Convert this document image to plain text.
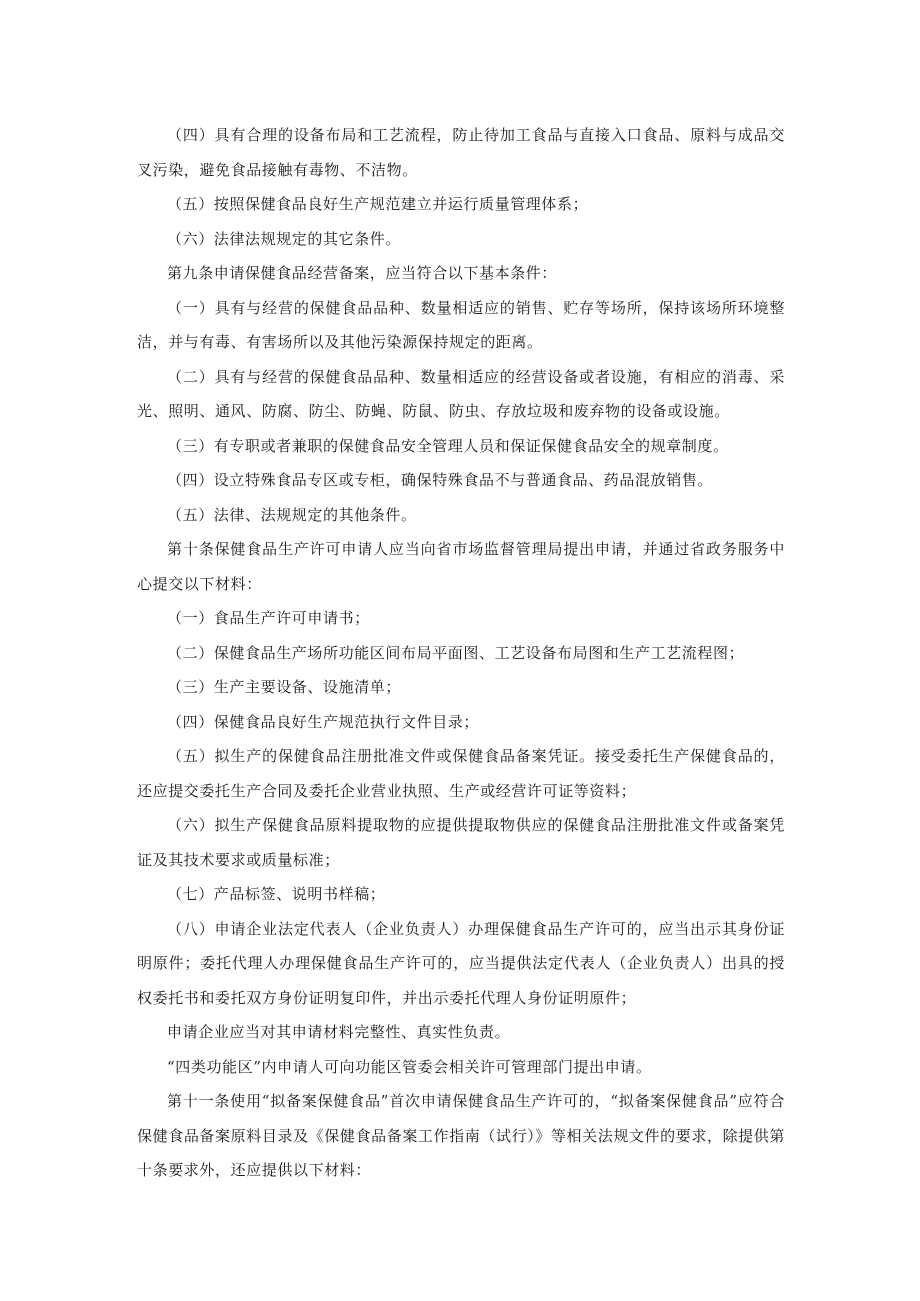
（四）具有合理的设备布局和工艺流程，防止待加工食品与直接入口食品、原料与成品交叉污染，避免食品接触有毒物、不洁物。

（五）按照保健食品良好生产规范建立并运行质量管理体系；

（六）法律法规规定的其它条件。

第九条申请保健食品经营备案，应当符合以下基本条件：

（一）具有与经营的保健食品品种、数量相适应的销售、贮存等场所，保持该场所环境整洁，并与有毒、有害场所以及其他污染源保持规定的距离。

（二）具有与经营的保健食品品种、数量相适应的经营设备或者设施，有相应的消毒、采光、照明、通风、防腐、防尘、防蝇、防鼠、防虫、存放垃圾和废弃物的设备或设施。

（三）有专职或者兼职的保健食品安全管理人员和保证保健食品安全的规章制度。

（四）设立特殊食品专区或专柜，确保特殊食品不与普通食品、药品混放销售。

（五）法律、法规规定的其他条件。

第十条保健食品生产许可申请人应当向省市场监督管理局提出申请，并通过省政务服务中心提交以下材料：

（一）食品生产许可申请书；

（二）保健食品生产场所功能区间布局平面图、工艺设备布局图和生产工艺流程图；

（三）生产主要设备、设施清单；

（四）保健食品良好生产规范执行文件目录；

（五）拟生产的保健食品注册批准文件或保健食品备案凭证。接受委托生产保健食品的，还应提交委托生产合同及委托企业营业执照、生产或经营许可证等资料；

（六）拟生产保健食品原料提取物的应提供提取物供应的保健食品注册批准文件或备案凭证及其技术要求或质量标准；

（七）产品标签、说明书样稿；

（八）申请企业法定代表人（企业负责人）办理保健食品生产许可的，应当出示其身份证明原件；委托代理人办理保健食品生产许可的，应当提供法定代表人（企业负责人）出具的授权委托书和委托双方身份证明复印件，并出示委托代理人身份证明原件；

申请企业应当对其申请材料完整性、真实性负责。

“四类功能区”内申请人可向功能区管委会相关许可管理部门提出申请。

第十一条使用“拟备案保健食品”首次申请保健食品生产许可的，“拟备案保健食品”应符合保健食品备案原料目录及《保健食品备案工作指南（试行）》等相关法规文件的要求，除提供第十条要求外，还应提供以下材料：
